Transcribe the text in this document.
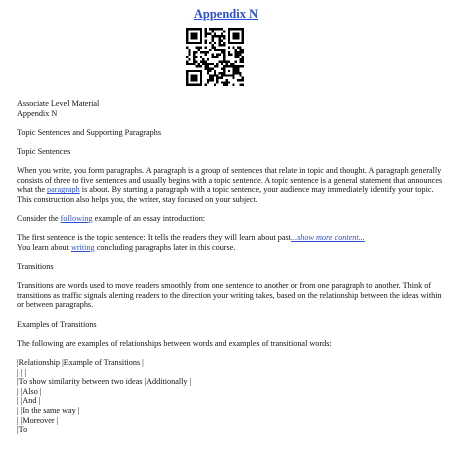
Appendix N

Associate Level Material

Appendix N

Topic Sentences and Supporting Paragraphs

Topic Sentences

When you write, you form paragraphs. A paragraph is a group of sentences that relate in topic and thought. A paragraph generally consists of three to five sentences and usually begins with a topic sentence. A topic sentence is a general statement that announces what the paragraph is about. By starting a paragraph with a topic sentence, your audience may immediately identify your topic. This construction also helps you, the writer, stay focused on your subject.

Consider the following example of an essay introduction:

The first sentence is the topic sentence: It tells the readers they will learn about past...show more content...

You learn about writing concluding paragraphs later in this course.

Transitions

Transitions are words used to move readers smoothly from one sentence to another or from one paragraph to another. Think of transitions as traffic signals alerting readers to the direction your writing takes, based on the relationship between the ideas within or between paragraphs.

Examples of Transitions

The following are examples of relationships between words and examples of transitional words:

|Relationship |Example of Transitions |

| | |

|To show similarity between two ideas |Additionally |

| |Also |

| |And |

| |In the same way |

| |Moreover |

|To
